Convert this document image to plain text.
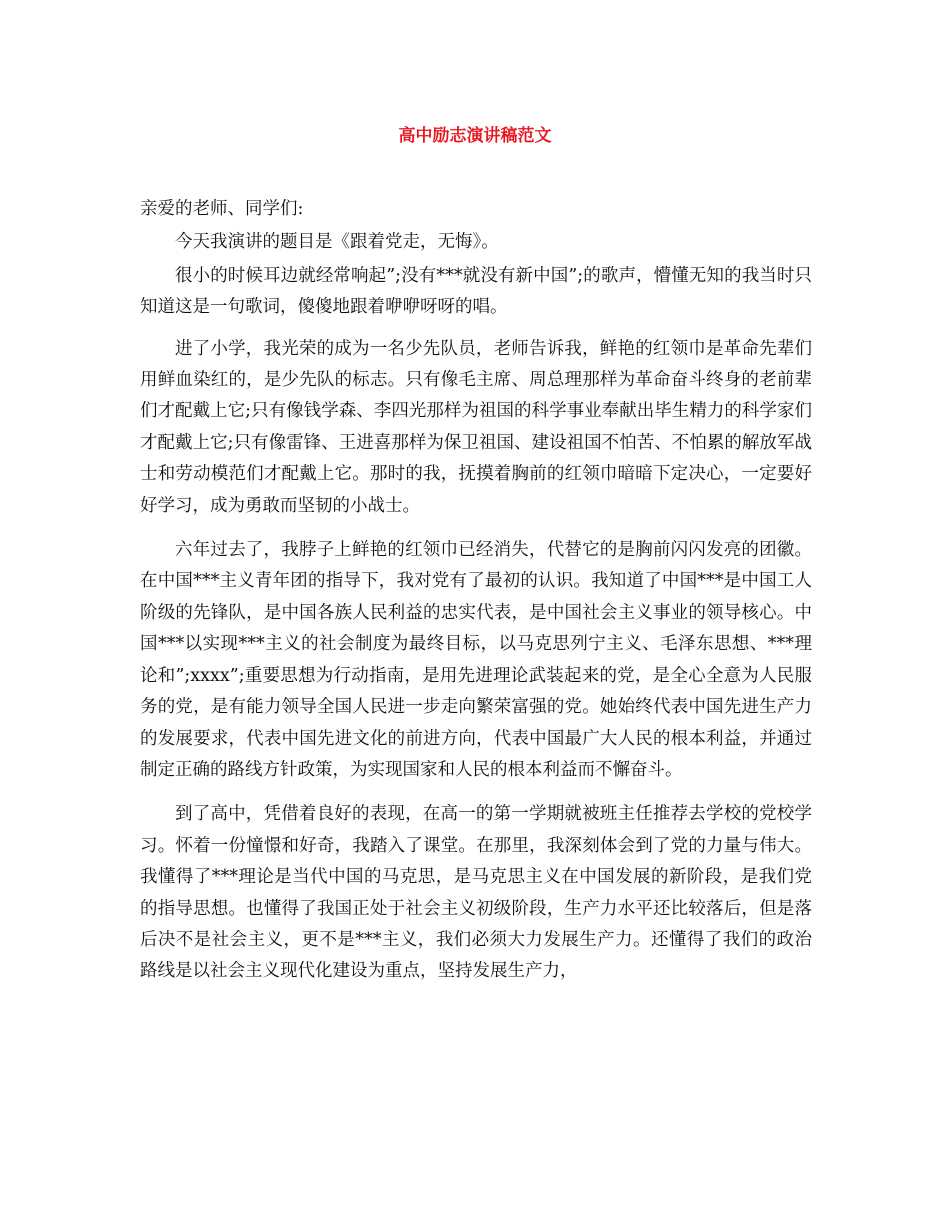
高中励志演讲稿范文

亲爱的老师、同学们:

今天我演讲的题目是《跟着党走，无悔》。

很小的时候耳边就经常响起”;没有***就没有新中国”;的歌声，懵懂无知的我当时只知道这是一句歌词，傻傻地跟着咿咿呀呀的唱。

进了小学，我光荣的成为一名少先队员，老师告诉我，鲜艳的红领巾是革命先辈们用鲜血染红的，是少先队的标志。只有像毛主席、周总理那样为革命奋斗终身的老前辈们才配戴上它;只有像钱学森、李四光那样为祖国的科学事业奉献出毕生精力的科学家们才配戴上它;只有像雷锋、王进喜那样为保卫祖国、建设祖国不怕苦、不怕累的解放军战士和劳动模范们才配戴上它。那时的我，抚摸着胸前的红领巾暗暗下定决心，一定要好好学习，成为勇敢而坚韧的小战士。

六年过去了，我脖子上鲜艳的红领巾已经消失，代替它的是胸前闪闪发亮的团徽。在中国***主义青年团的指导下，我对党有了最初的认识。我知道了中国***是中国工人阶级的先锋队，是中国各族人民利益的忠实代表，是中国社会主义事业的领导核心。中国***以实现***主义的社会制度为最终目标，以马克思列宁主义、毛泽东思想、***理论和”;xxxx”;重要思想为行动指南，是用先进理论武装起来的党，是全心全意为人民服务的党，是有能力领导全国人民进一步走向繁荣富强的党。她始终代表中国先进生产力的发展要求，代表中国先进文化的前进方向，代表中国最广大人民的根本利益，并通过制定正确的路线方针政策，为实现国家和人民的根本利益而不懈奋斗。

到了高中，凭借着良好的表现，在高一的第一学期就被班主任推荐去学校的党校学习。怀着一份憧憬和好奇，我踏入了课堂。在那里，我深刻体会到了党的力量与伟大。我懂得了***理论是当代中国的马克思，是马克思主义在中国发展的新阶段，是我们党的指导思想。也懂得了我国正处于社会主义初级阶段，生产力水平还比较落后，但是落后决不是社会主义，更不是***主义，我们必须大力发展生产力。还懂得了我们的政治路线是以社会主义现代化建设为重点，坚持发展生产力，
